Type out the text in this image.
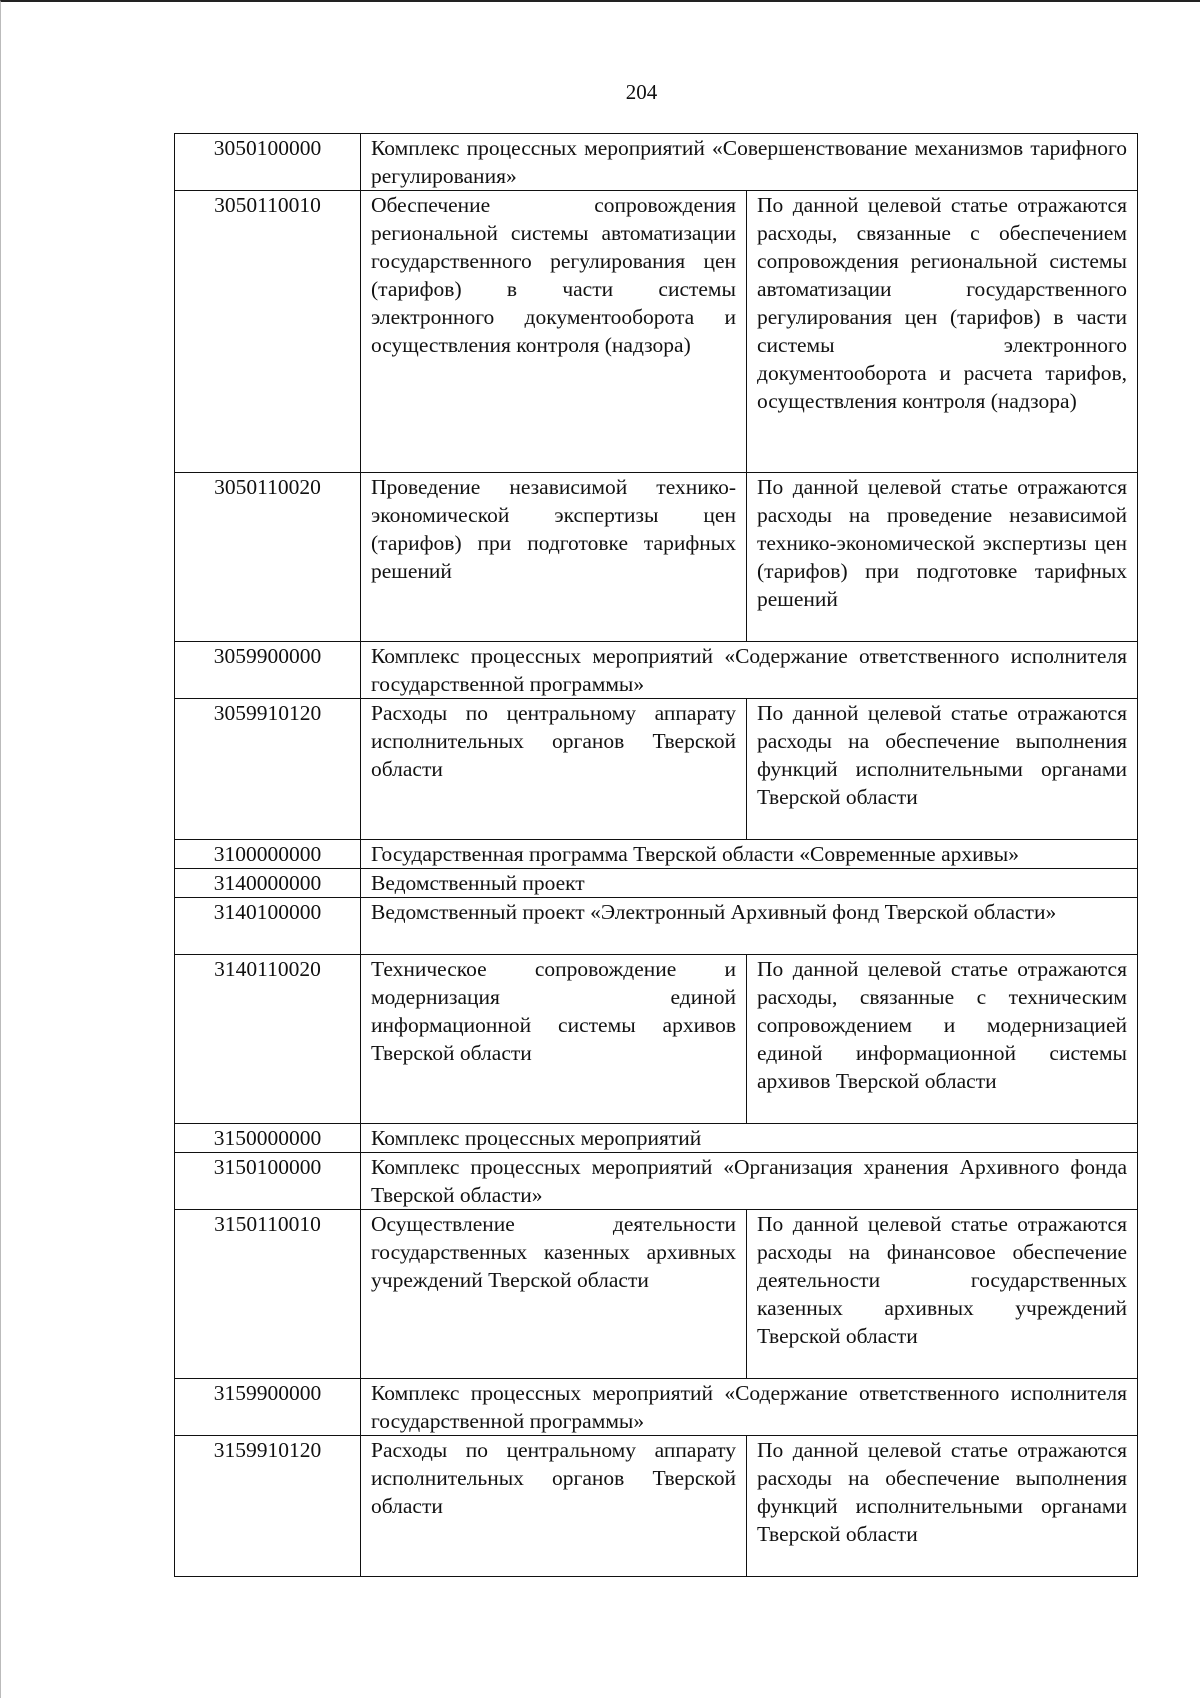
204
3050100000	Комплекс процессных мероприятий «Совершенствование механизмов тарифного регулирования»	
3050110010	Обеспечение сопровождения региональной системы автоматизации государственного регулирования цен (тарифов) в части системы электронного документооборота и осуществления контроля (надзора)	По данной целевой статье отражаются расходы, связанные с обеспечением сопровождения региональной системы автоматизации государственного регулирования цен (тарифов) в части системы электронного документооборота и расчета тарифов, осуществления контроля (надзора)
3050110020	Проведение независимой технико-экономической экспертизы цен (тарифов) при подготовке тарифных решений	По данной целевой статье отражаются расходы на проведение независимой технико-экономической экспертизы цен (тарифов) при подготовке тарифных решений
3059900000	Комплекс процессных мероприятий «Содержание ответственного исполнителя государственной программы»	
3059910120	Расходы по центральному аппарату исполнительных органов Тверской области	По данной целевой статье отражаются расходы на обеспечение выполнения функций исполнительными органами Тверской области
3100000000	Государственная программа Тверской области «Современные архивы»	
3140000000	Ведомственный проект	
3140100000	Ведомственный проект «Электронный Архивный фонд Тверской области»	
3140110020	Техническое сопровождение и модернизация единой информационной системы архивов Тверской области	По данной целевой статье отражаются расходы, связанные с техническим сопровождением и модернизацией единой информационной системы архивов Тверской области
3150000000	Комплекс процессных мероприятий	
3150100000	Комплекс процессных мероприятий «Организация хранения Архивного фонда Тверской области»	
3150110010	Осуществление деятельности государственных казенных архивных учреждений Тверской области	По данной целевой статье отражаются расходы на финансовое обеспечение деятельности государственных казенных архивных учреждений Тверской области
3159900000	Комплекс процессных мероприятий «Содержание ответственного исполнителя государственной программы»	
3159910120	Расходы по центральному аппарату исполнительных органов Тверской области	По данной целевой статье отражаются расходы на обеспечение выполнения функций исполнительными органами Тверской области
